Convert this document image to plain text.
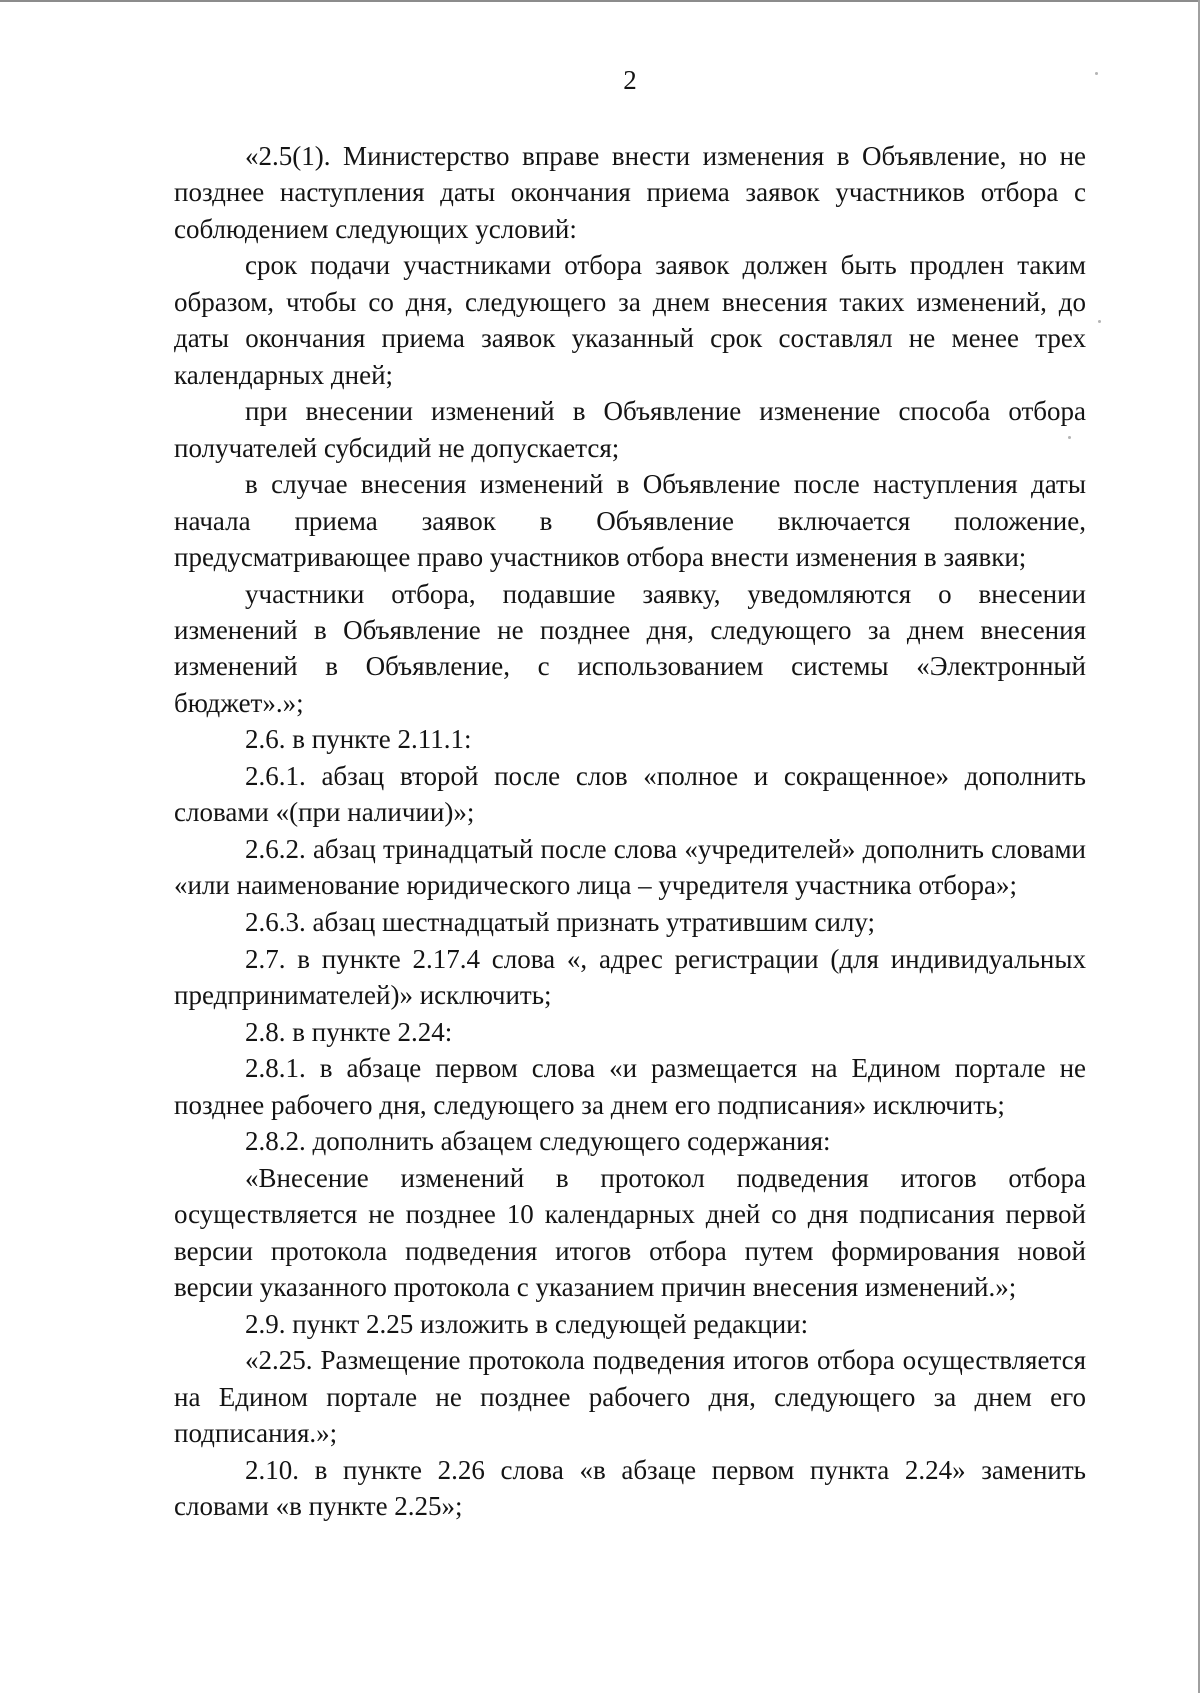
2

«2.5(1). Министерство вправе внести изменения в Объявление, но не позднее наступления даты окончания приема заявок участников отбора с соблюдением следующих условий:

срок подачи участниками отбора заявок должен быть продлен таким образом, чтобы со дня, следующего за днем внесения таких изменений, до даты окончания приема заявок указанный срок составлял не менее трех календарных дней;

при внесении изменений в Объявление изменение способа отбора получателей субсидий не допускается;

в случае внесения изменений в Объявление после наступления даты начала приема заявок в Объявление включается положение, предусматривающее право участников отбора внести изменения в заявки;

участники отбора, подавшие заявку, уведомляются о внесении изменений в Объявление не позднее дня, следующего за днем внесения изменений в Объявление, с использованием системы «Электронный бюджет».»;

2.6. в пункте 2.11.1:

2.6.1. абзац второй после слов «полное и сокращенное» дополнить словами «(при наличии)»;

2.6.2. абзац тринадцатый после слова «учредителей» дополнить словами «или наименование юридического лица – учредителя участника отбора»;

2.6.3. абзац шестнадцатый признать утратившим силу;

2.7. в пункте 2.17.4 слова «, адрес регистрации (для индивидуальных предпринимателей)» исключить;

2.8. в пункте 2.24:

2.8.1. в абзаце первом слова «и размещается на Едином портале не позднее рабочего дня, следующего за днем его подписания» исключить;

2.8.2. дополнить абзацем следующего содержания:

«Внесение изменений в протокол подведения итогов отбора осуществляется не позднее 10 календарных дней со дня подписания первой версии протокола подведения итогов отбора путем формирования новой версии указанного протокола с указанием причин внесения изменений.»;

2.9. пункт 2.25 изложить в следующей редакции:

«2.25. Размещение протокола подведения итогов отбора осуществляется на Едином портале не позднее рабочего дня, следующего за днем его подписания.»;

2.10. в пункте 2.26 слова «в абзаце первом пункта 2.24» заменить словами «в пункте 2.25»;
